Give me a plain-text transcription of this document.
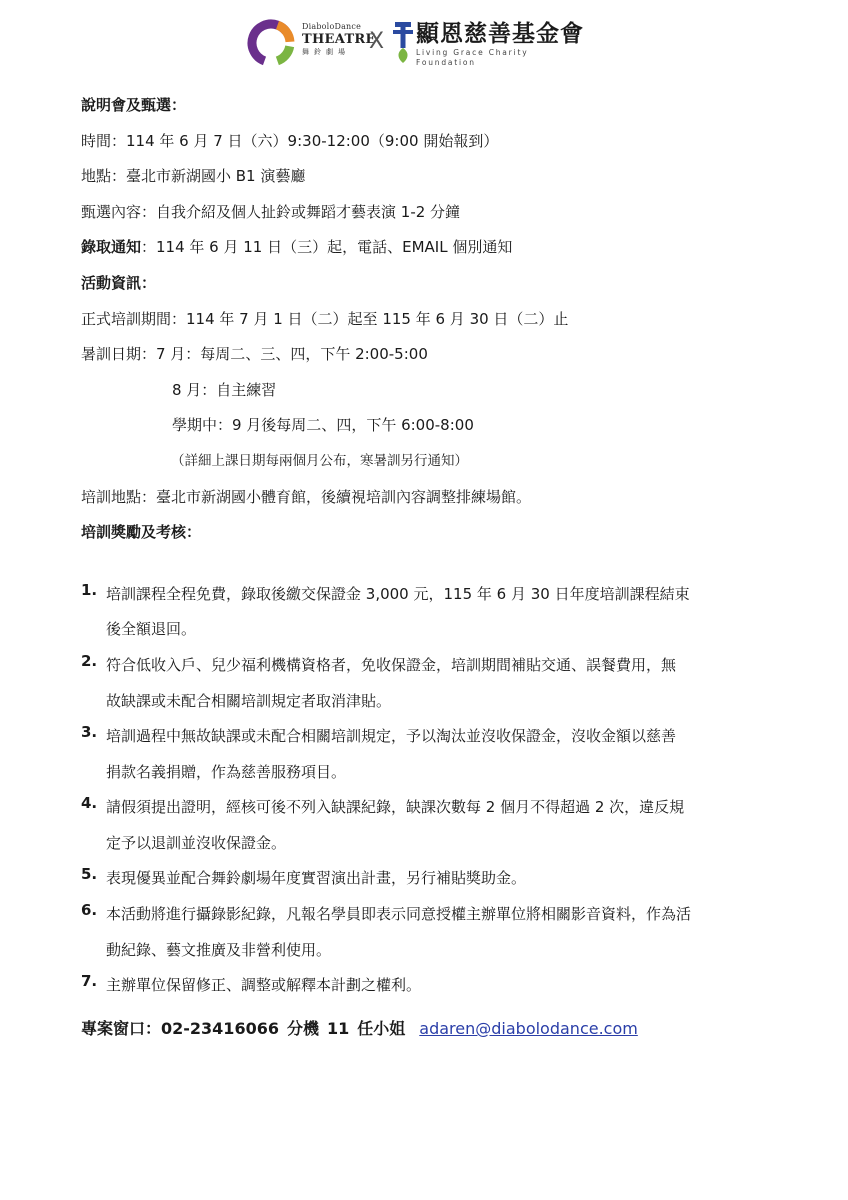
DiaboloDance
THEATRE
舞鈴劇場 X 顯恩慈善基金會
Living Grace Charity Foundation
說明會及甄選：
時間：114 年 6 月 7 日（六）9:30-12:00（9:00 開始報到）
地點：臺北市新湖國小 B1 演藝廳
甄選內容：自我介紹及個人扯鈴或舞蹈才藝表演 1-2 分鐘
錄取通知：114 年 6 月 11 日（三）起，電話、EMAIL 個別通知
活動資訊：
正式培訓期間：114 年 7 月 1 日（二）起至 115 年 6 月 30 日（二）止
暑訓日期：7 月：每周二、三、四，下午 2:00-5:00
8 月：自主練習
學期中：9 月後每周二、四，下午 6:00-8:00
（詳細上課日期每兩個月公布，寒暑訓另行通知）
培訓地點：臺北市新湖國小體育館，後續視培訓內容調整排練場館。
培訓獎勵及考核：
1. 培訓課程全程免費，錄取後繳交保證金 3,000 元，115 年 6 月 30 日年度培訓課程結束
後全額退回。
2. 符合低收入戶、兒少福利機構資格者，免收保證金，培訓期間補貼交通、誤餐費用，無
故缺課或未配合相關培訓規定者取消津貼。
3. 培訓過程中無故缺課或未配合相關培訓規定，予以淘汰並沒收保證金，沒收金額以慈善
捐款名義捐贈，作為慈善服務項目。
4. 請假須提出證明，經核可後不列入缺課紀錄，缺課次數每 2 個月不得超過 2 次，違反規
定予以退訓並沒收保證金。
5. 表現優異並配合舞鈴劇場年度實習演出計畫，另行補貼獎助金。
6. 本活動將進行攝錄影紀錄，凡報名學員即表示同意授權主辦單位將相關影音資料，作為活
動紀錄、藝文推廣及非營利使用。
7. 主辦單位保留修正、調整或解釋本計劃之權利。
專案窗口：02-23416066 分機 11 任小姐 adaren@diabolodance.com
